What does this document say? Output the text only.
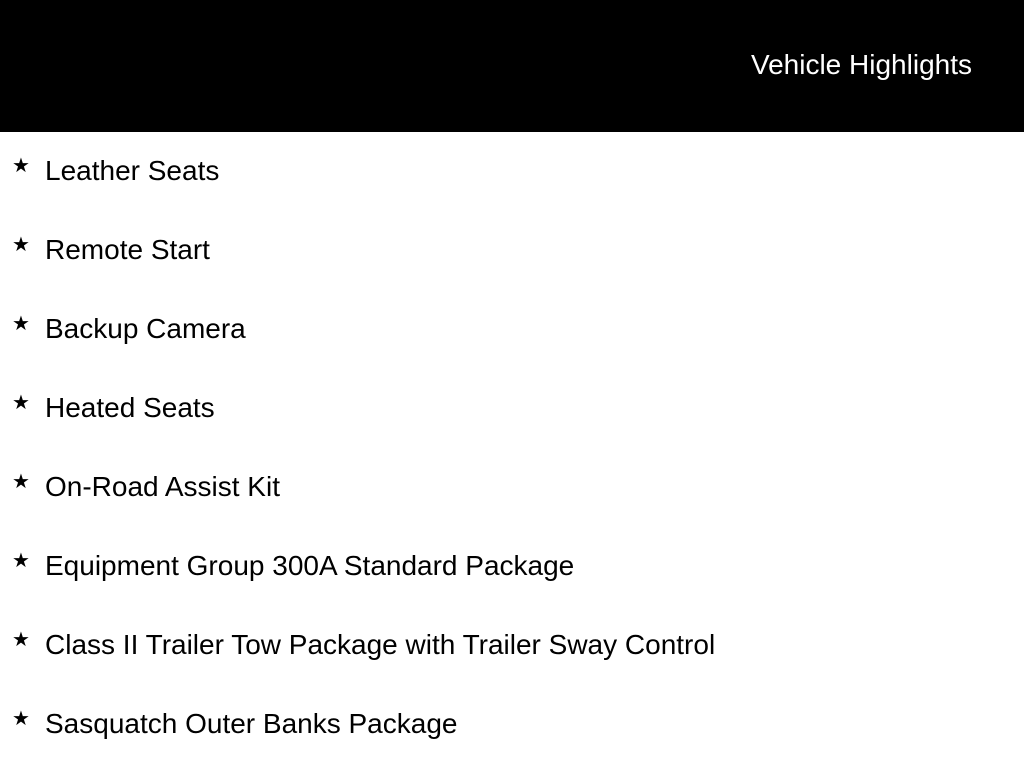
Vehicle Highlights
★ Leather Seats
★ Remote Start
★ Backup Camera
★ Heated Seats
★ On-Road Assist Kit
★ Equipment Group 300A Standard Package
★ Class II Trailer Tow Package with Trailer Sway Control
★ Sasquatch Outer Banks Package
